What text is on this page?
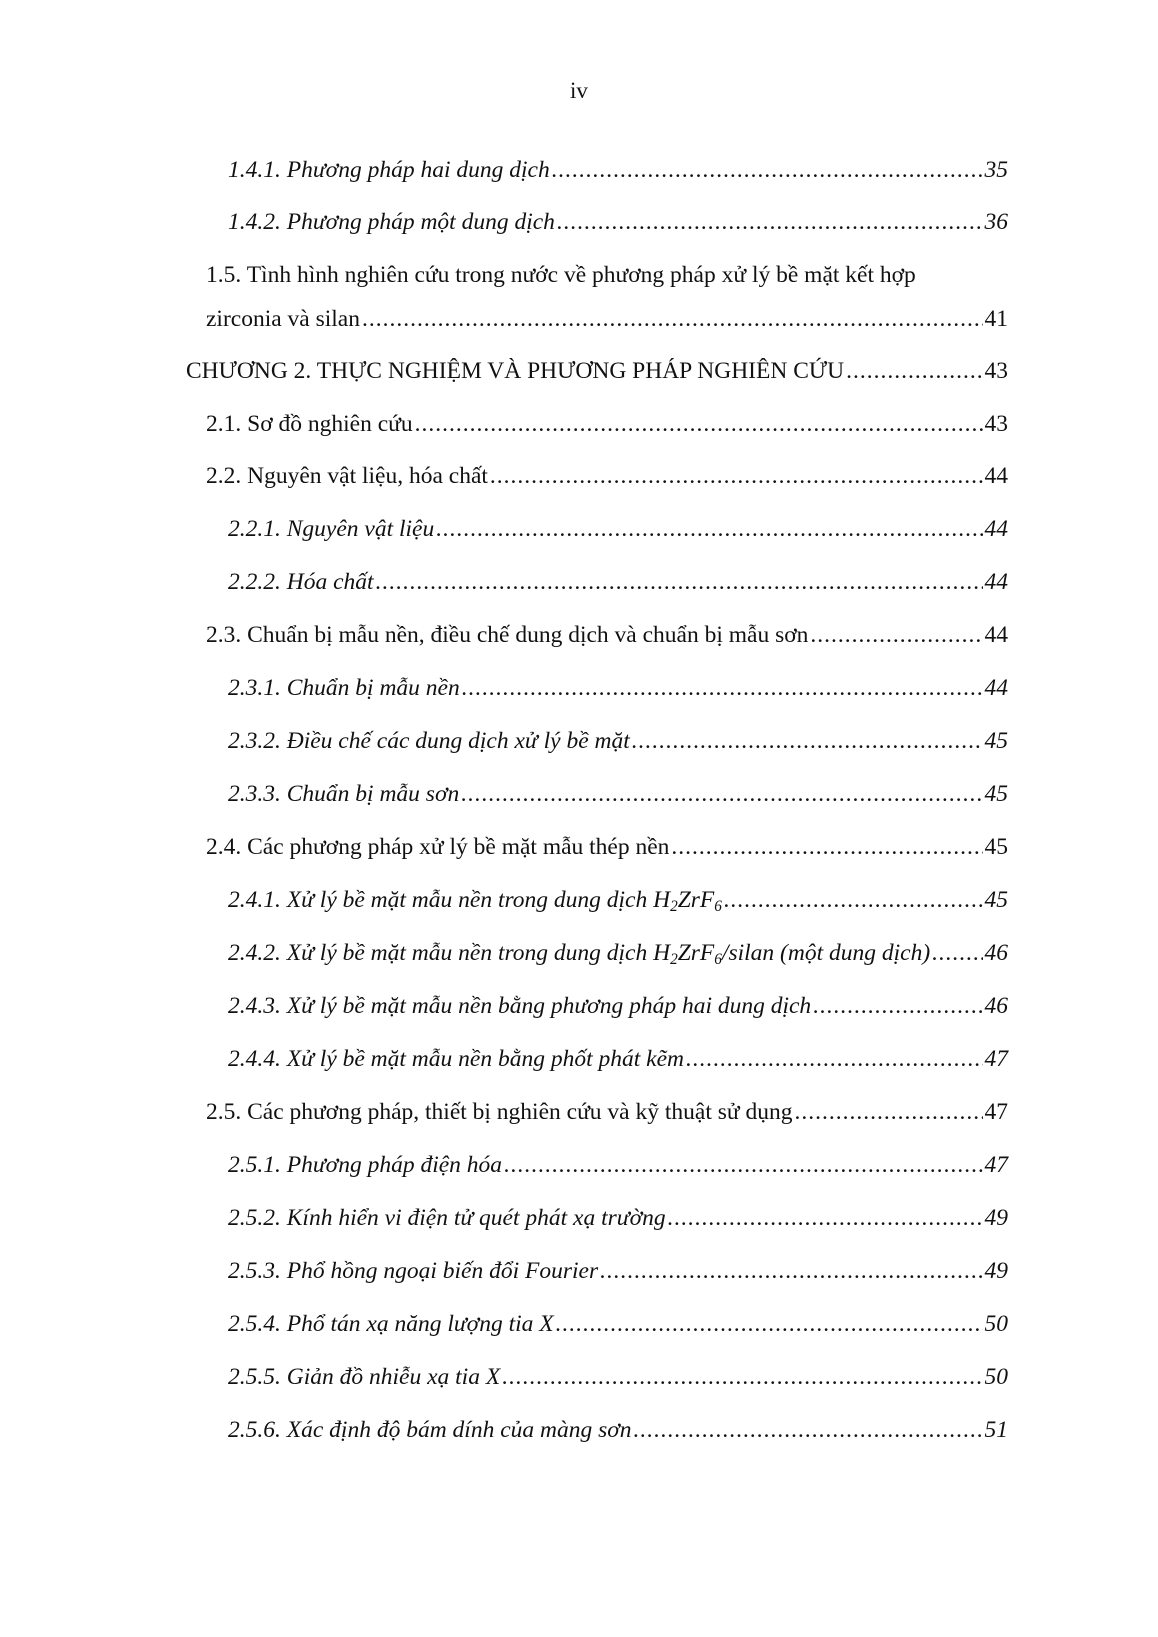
iv
1.4.1. Phương pháp hai dung dịch .....	35
1.4.2. Phương pháp một dung dịch .....	36
1.5. Tình hình nghiên cứu trong nước về phương pháp xử lý bề mặt kết hợp
zirconia và silan .....	41
CHƯƠNG 2. THỰC NGHIỆM VÀ PHƯƠNG PHÁP NGHIÊN CỨU .....	43
2.1. Sơ đồ nghiên cứu .....	43
2.2. Nguyên vật liệu, hóa chất .....	44
2.2.1. Nguyên vật liệu .....	44
2.2.2. Hóa chất .....	44
2.3. Chuẩn bị mẫu nền, điều chế dung dịch và chuẩn bị mẫu sơn .....	44
2.3.1. Chuẩn bị mẫu nền .....	44
2.3.2. Điều chế các dung dịch xử lý bề mặt .....	45
2.3.3. Chuẩn bị mẫu sơn .....	45
2.4. Các phương pháp xử lý bề mặt mẫu thép nền .....	45
2.4.1. Xử lý bề mặt mẫu nền trong dung dịch $H_2ZrF_6$ .....	45
2.4.2. Xử lý bề mặt mẫu nền trong dung dịch $H_2ZrF_6$/silan (một dung dịch) ..... 46
2.4.3. Xử lý bề mặt mẫu nền bằng phương pháp hai dung dịch .....	46
2.4.4. Xử lý bề mặt mẫu nền bằng phốt phát kẽm .....	47
2.5. Các phương pháp, thiết bị nghiên cứu và kỹ thuật sử dụng .....	47
2.5.1. Phương pháp điện hóa .....	47
2.5.2. Kính hiển vi điện tử quét phát xạ trường .....	49
2.5.3. Phổ hồng ngoại biến đổi Fourier .....	49
2.5.4. Phổ tán xạ năng lượng tia X .....	50
2.5.5. Giản đồ nhiễu xạ tia X .....	50
2.5.6. Xác định độ bám dính của màng sơn .....	51
